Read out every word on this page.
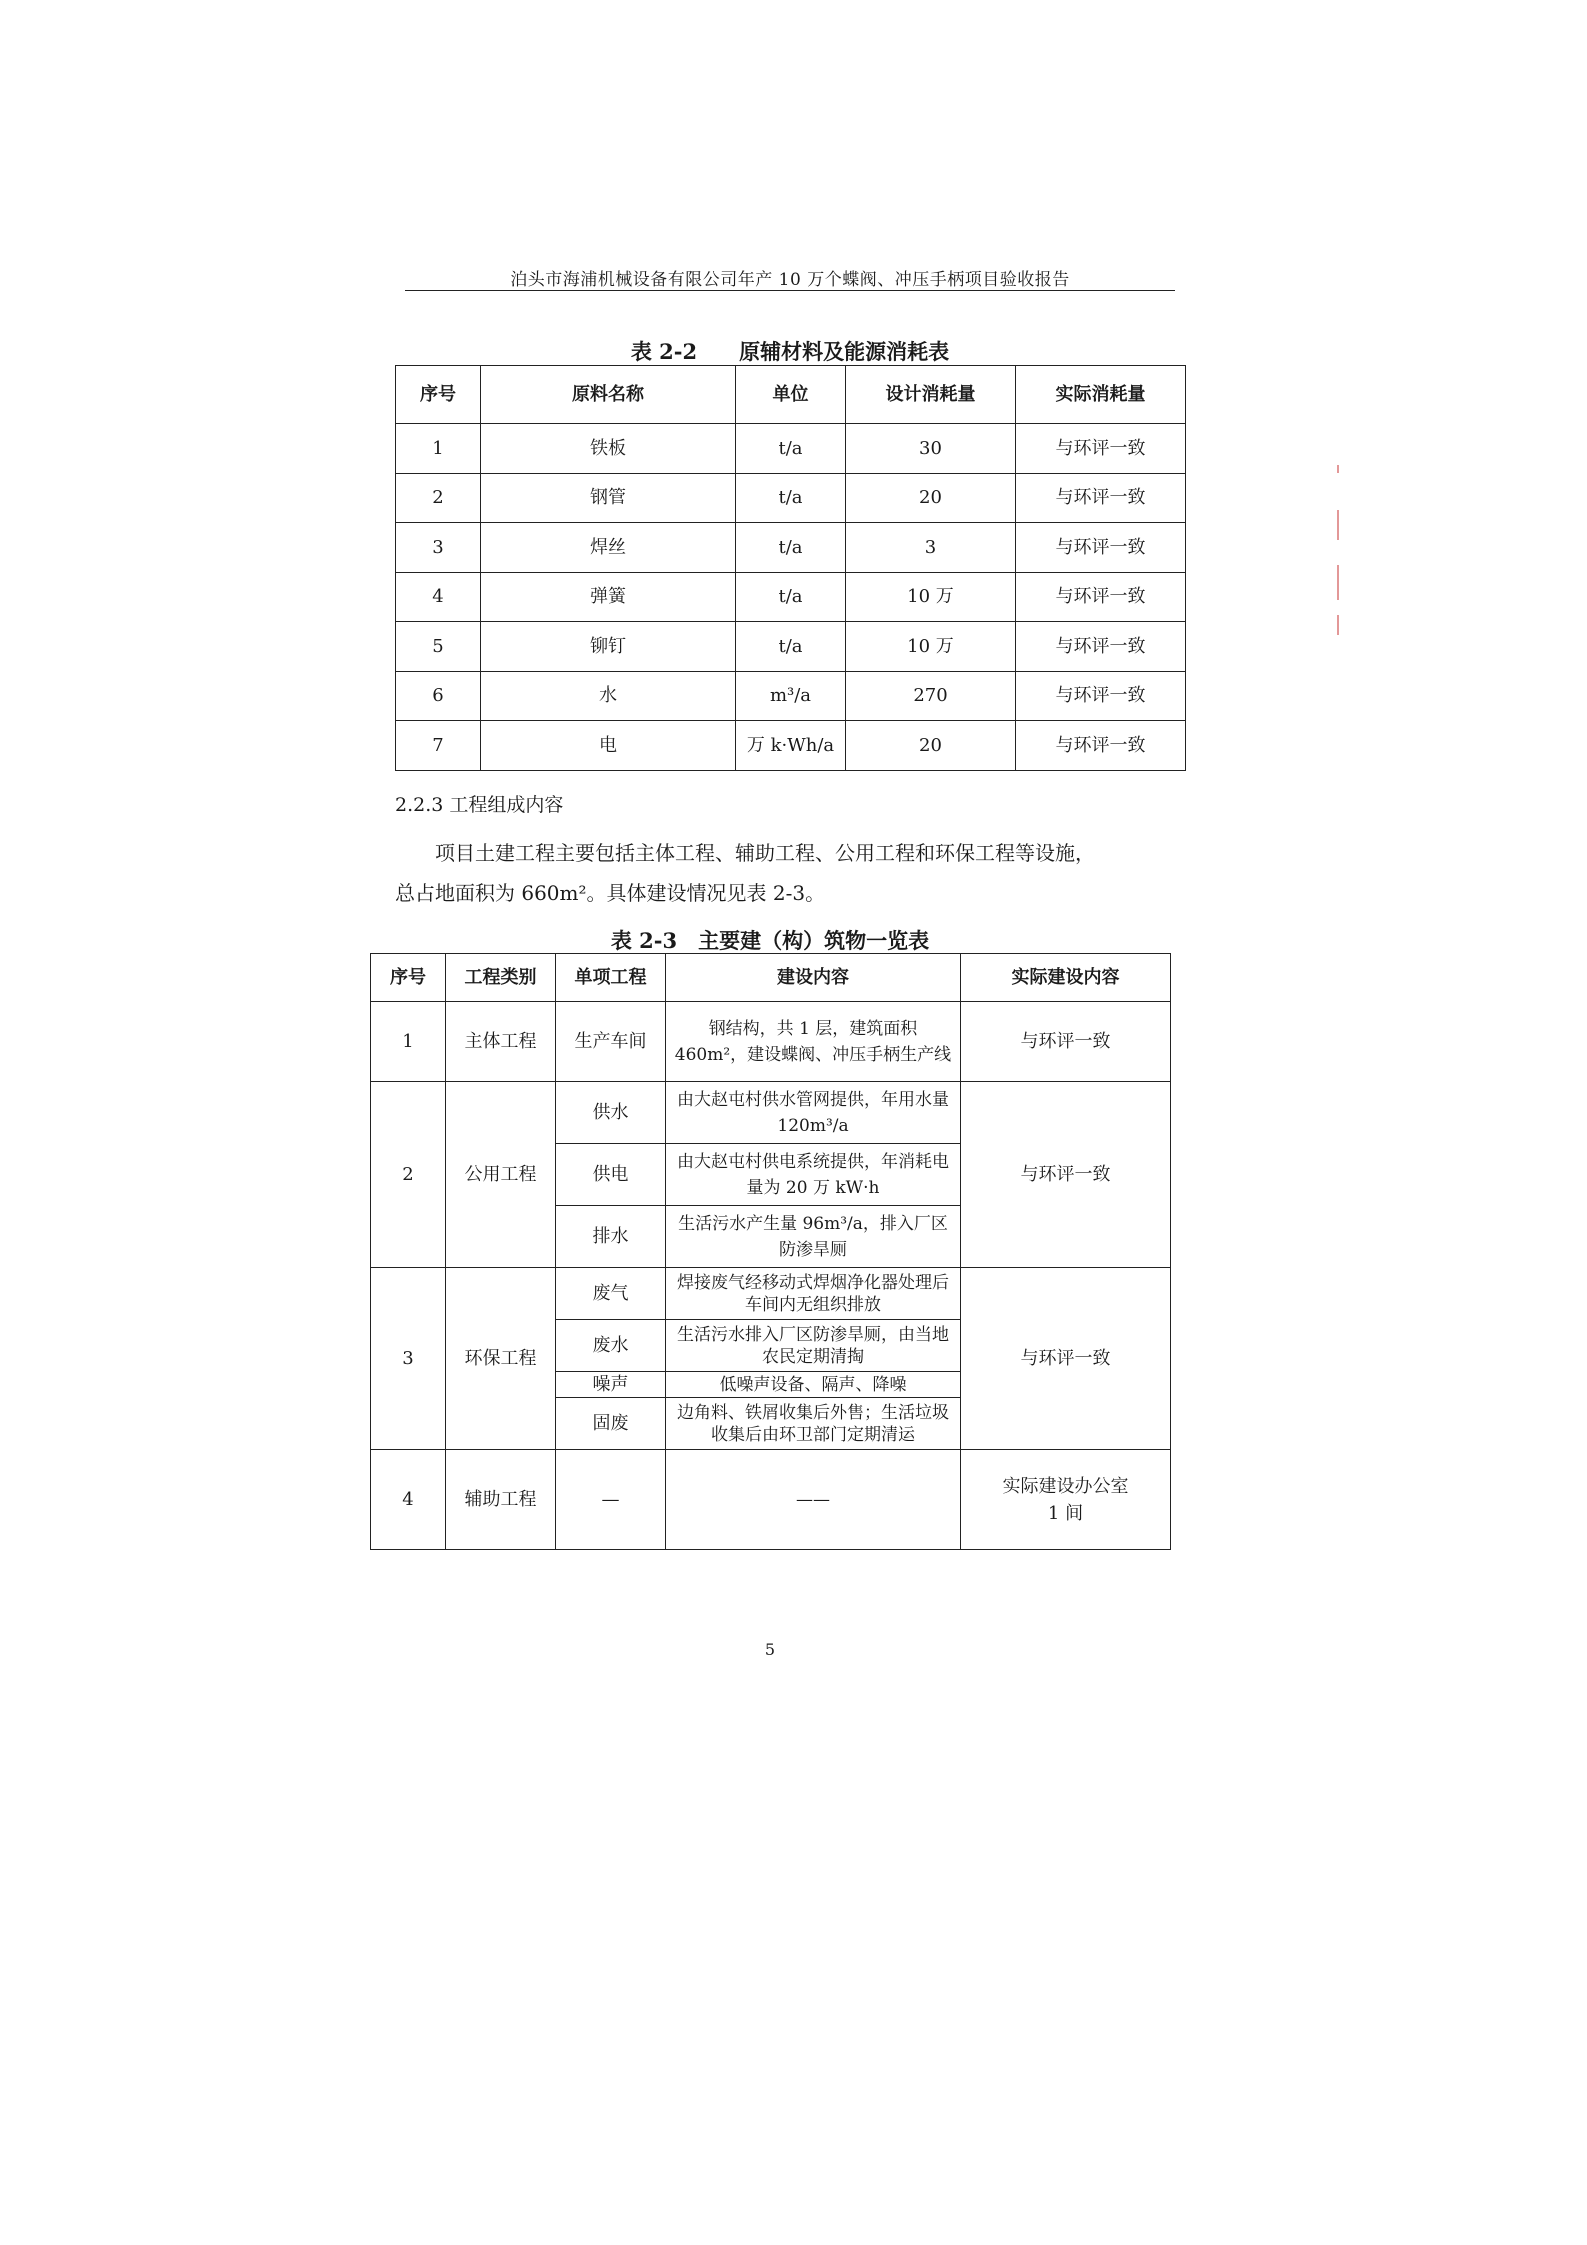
泊头市海浦机械设备有限公司年产 10 万个蝶阀、冲压手柄项目验收报告
表 2-2　　原辅材料及能源消耗表
序号	原料名称	单位	设计消耗量	实际消耗量
1	铁板	t/a	30	与环评一致
2	钢管	t/a	20	与环评一致
3	焊丝	t/a	3	与环评一致
4	弹簧	t/a	10 万	与环评一致
5	铆钉	t/a	10 万	与环评一致
6	水	m³/a	270	与环评一致
7	电	万 k·Wh/a	20	与环评一致
2.2.3 工程组成内容
项目土建工程主要包括主体工程、辅助工程、公用工程和环保工程等设施，
总占地面积为 660m²。具体建设情况见表 2-3。
表 2-3　主要建（构）筑物一览表
序号	工程类别	单项工程	建设内容	实际建设内容
1	主体工程	生产车间	钢结构，共 1 层，建筑面积 460m²，建设蝶阀、冲压手柄生产线	与环评一致
2	公用工程	供水	由大赵屯村供水管网提供，年用水量 120m³/a	与环评一致
		供电	由大赵屯村供电系统提供，年消耗电量为 20 万 kW·h	
		排水	生活污水产生量 96m³/a，排入厂区防渗旱厕	
3	环保工程	废气	焊接废气经移动式焊烟净化器处理后车间内无组织排放	与环评一致
		废水	生活污水排入厂区防渗旱厕，由当地农民定期清掏	
		噪声	低噪声设备、隔声、降噪	
		固废	边角料、铁屑收集后外售；生活垃圾收集后由环卫部门定期清运	
4	辅助工程	—	——	实际建设办公室 1 间
5
